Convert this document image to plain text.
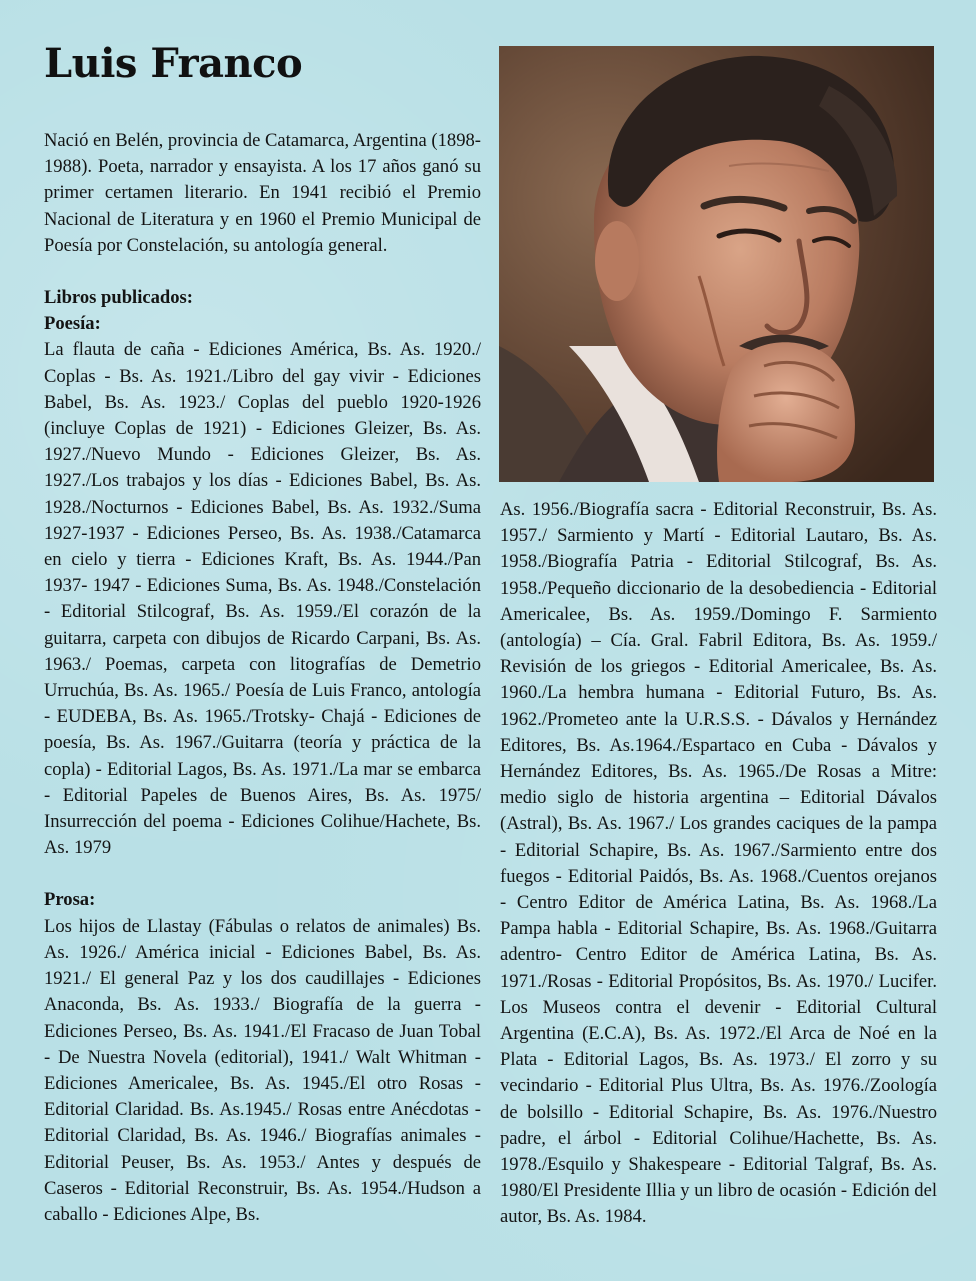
Luis Franco

Nació en Belén, provincia de Catamarca, Argentina (1898-1988). Poeta, narrador y ensayista. A los 17 años ganó su primer certamen literario. En 1941 recibió el Premio Nacional de Literatura y en 1960 el Premio Municipal de Poesía por Constelación, su antología general.

Libros publicados:

Poesía:

La flauta de caña - Ediciones América, Bs. As. 1920./ Coplas - Bs. As. 1921./Libro del gay vivir - Ediciones Babel, Bs. As. 1923./ Coplas del pueblo 1920-1926 (incluye Coplas de 1921) - Ediciones Gleizer, Bs. As. 1927./Nuevo Mundo - Ediciones Gleizer, Bs. As. 1927./Los trabajos y los días - Ediciones Babel, Bs. As. 1928./Nocturnos - Ediciones Babel, Bs. As. 1932./Suma 1927-1937 - Ediciones Perseo, Bs. As. 1938./Catamarca en cielo y tierra - Ediciones Kraft, Bs. As. 1944./Pan 1937- 1947 - Ediciones Suma, Bs. As. 1948./Constelación - Editorial Stilcograf, Bs. As. 1959./El corazón de la guitarra, carpeta con dibujos de Ricardo Carpani, Bs. As. 1963./ Poemas, carpeta con litografías de Demetrio Urruchúa, Bs. As. 1965./ Poesía de Luis Franco, antología - EUDEBA, Bs. As. 1965./Trotsky- Chajá - Ediciones de poesía, Bs. As. 1967./Guitarra (teoría y práctica de la copla) - Editorial Lagos, Bs. As. 1971./La mar se embarca - Editorial Papeles de Buenos Aires, Bs. As. 1975/ Insurrección del poema - Ediciones Colihue/Hachete, Bs. As. 1979

Prosa:

Los hijos de Llastay (Fábulas o relatos de animales) Bs. As. 1926./ América inicial - Ediciones Babel, Bs. As. 1921./ El general Paz y los dos caudillajes - Ediciones Anaconda, Bs. As. 1933./ Biografía de la guerra - Ediciones Perseo, Bs. As. 1941./El Fracaso de Juan Tobal - De Nuestra Novela (editorial), 1941./ Walt Whitman - Ediciones Americalee, Bs. As. 1945./El otro Rosas - Editorial Claridad. Bs. As.1945./ Rosas entre Anécdotas - Editorial Claridad, Bs. As. 1946./ Biografías animales - Editorial Peuser, Bs. As. 1953./ Antes y después de Caseros - Editorial Reconstruir, Bs. As. 1954./Hudson a caballo - Ediciones Alpe, Bs.

As. 1956./Biografía sacra - Editorial Reconstruir, Bs. As. 1957./ Sarmiento y Martí - Editorial Lautaro, Bs. As. 1958./Biografía Patria - Editorial Stilcograf, Bs. As. 1958./Pequeño diccionario de la desobediencia - Editorial Americalee, Bs. As. 1959./Domingo F. Sarmiento (antología) – Cía. Gral. Fabril Editora, Bs. As. 1959./ Revisión de los griegos - Editorial Americalee, Bs. As. 1960./La hembra humana - Editorial Futuro, Bs. As. 1962./Prometeo ante la U.R.S.S. - Dávalos y Hernández Editores, Bs. As.1964./Espartaco en Cuba - Dávalos y Hernández Editores, Bs. As. 1965./De Rosas a Mitre: medio siglo de historia argentina – Editorial Dávalos (Astral), Bs. As. 1967./ Los grandes caciques de la pampa - Editorial Schapire, Bs. As. 1967./Sarmiento entre dos fuegos - Editorial Paidós, Bs. As. 1968./Cuentos orejanos - Centro Editor de América Latina, Bs. As. 1968./La Pampa habla - Editorial Schapire, Bs. As. 1968./Guitarra adentro- Centro Editor de América Latina, Bs. As. 1971./Rosas - Editorial Propósitos, Bs. As. 1970./ Lucifer. Los Museos contra el devenir - Editorial Cultural Argentina (E.C.A), Bs. As. 1972./El Arca de Noé en la Plata - Editorial Lagos, Bs. As. 1973./ El zorro y su vecindario - Editorial Plus Ultra, Bs. As. 1976./Zoología de bolsillo - Editorial Schapire, Bs. As. 1976./Nuestro padre, el árbol - Editorial Colihue/Hachette, Bs. As. 1978./Esquilo y Shakespeare - Editorial Talgraf, Bs. As. 1980/El Presidente Illia y un libro de ocasión - Edición del autor, Bs. As. 1984.
